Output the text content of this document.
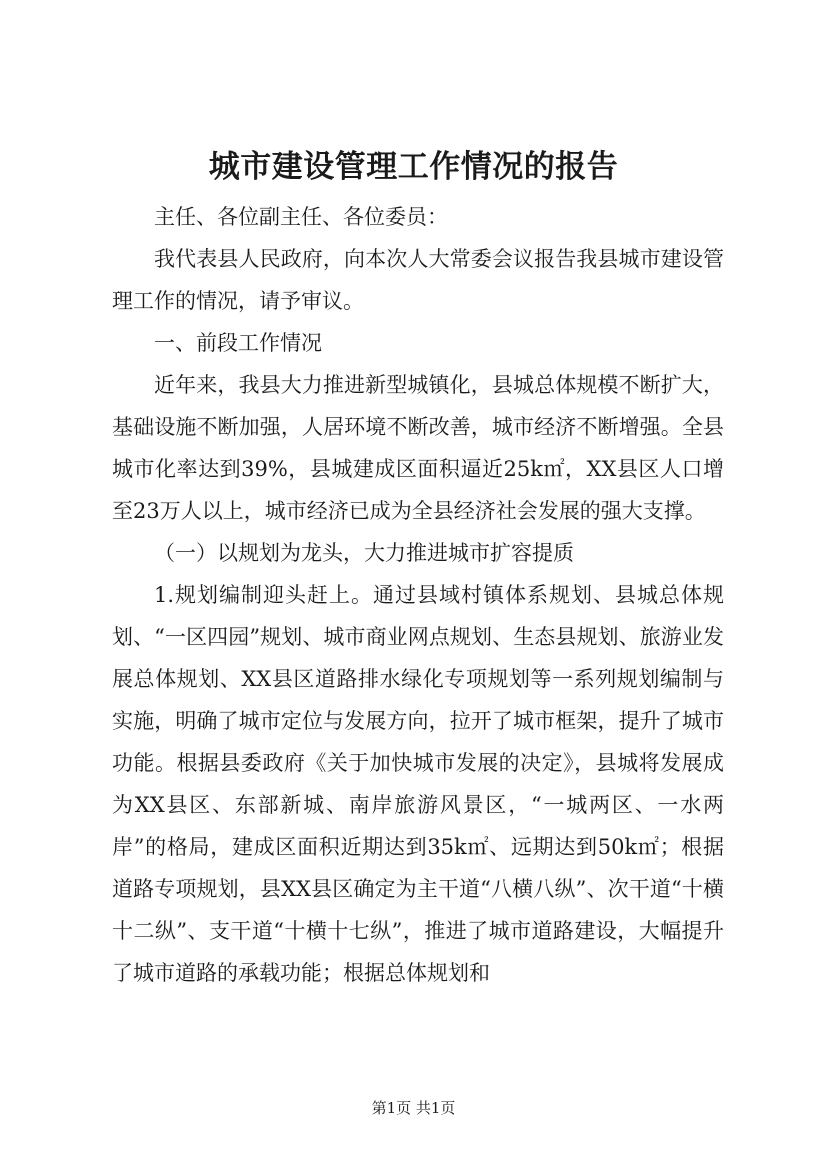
城市建设管理工作情况的报告

主任、各位副主任、各位委员：

我代表县人民政府，向本次人大常委会议报告我县城市建设管理工作的情况，请予审议。

一、前段工作情况

近年来，我县大力推进新型城镇化，县城总体规模不断扩大，基础设施不断加强，人居环境不断改善，城市经济不断增强。全县城市化率达到39%，县城建成区面积逼近25k㎡，XX县区人口增至23万人以上，城市经济已成为全县经济社会发展的强大支撑。

（一）以规划为龙头，大力推进城市扩容提质

1.规划编制迎头赶上。通过县域村镇体系规划、县城总体规划、“一区四园”规划、城市商业网点规划、生态县规划、旅游业发展总体规划、XX县区道路排水绿化专项规划等一系列规划编制与实施，明确了城市定位与发展方向，拉开了城市框架，提升了城市功能。根据县委政府《关于加快城市发展的决定》，县城将发展成为XX县区、东部新城、南岸旅游风景区，“一城两区、一水两岸”的格局，建成区面积近期达到35k㎡、远期达到50k㎡；根据道路专项规划，县XX县区确定为主干道“八横八纵”、次干道“十横十二纵”、支干道“十横十七纵”，推进了城市道路建设，大幅提升了城市道路的承载功能；根据总体规划和

第1页 共1页
